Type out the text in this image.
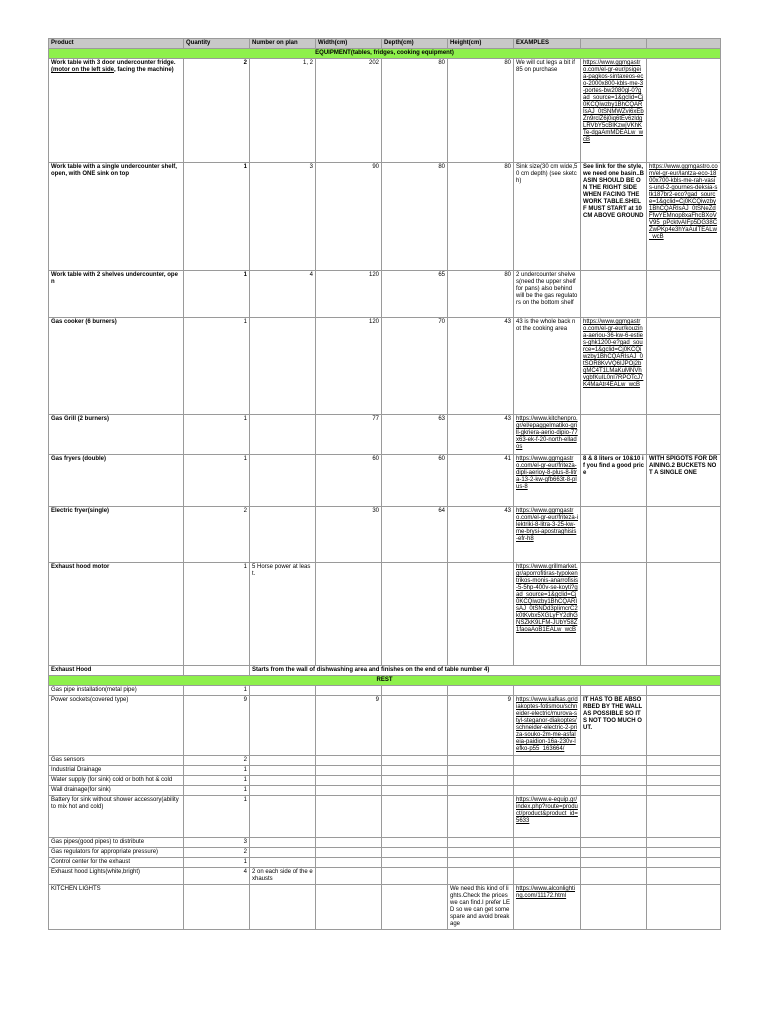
Product	Quantity	Number on plan	Width(cm)	Depth(cm)	Height(cm)	EXAMPLES		
EQUIPMENT(tables, fridges, cooking equipment)								
Work table with 3 door undercounter fridge.(motor on the left side, facing the machine)	2	1, 2	202	80	80	We will cut legs a bit if 85 on purchase	https://www.ggmgastro.com/el-gr-eur/psigeia-pagkos-sintaxeos-eco-2000x800-kbls-me-3-portes-bw2080gl-0?gad_source=1&gclid=Cj0KCQiwzby1BhCQARIsAJ_0tSNMWZvi6xEbZn9rclZ6j0iq6tEv6zldgLRVbY5cBIKzwjVKhKTe-dgaAmMDEALw_wcB	
Work table with a single undercounter shelf, open, with ONE sink on top	1	3	90	80	80	Sink size(30 cm wide,50 cm depth) (see sketch)	See link for the style, we need one basin..BASIN SHOULD BE ON THE RIGHT SIDE WHEN FACING THE WORK TABLE.SHELF MUST START at 10 CM ABOVE GROUND	https://www.ggmgastro.com/el-gr-eur/lantza-eco-1800x700-kbls-me-rah-vasis-und-2-gournes-deksia-stk187br2-eco?gad_source=1&gclid=Cj0KCQiwzby1BhCQARIsAJ_0tSNeZdFfwYEMnop8xaFhcBXoVV95_pPcktvAIFp5DG38CZwPKp4e3hYaAuITEALw_wcB
Work table with 2 shelves undercounter, open	1	4	120	65	80	2 undercounter shelves(need the upper shelf for pans) also behind will be the gas regulators on the bottom shelf		
Gas cooker (6 burners)	1		120	70	43	43 is the whole back not the cooking area	https://www.ggmgastro.com/el-gr-eur/kouzina-aeriou-36-kw-6-esties-ghk1200-e?gad_source=1&gclid=Cj0KCQiwzby1BhCQARIsAJ_0tSOR8KvVQ6IJPOj2bqMC4T1LMaKuMNVhvgbfKuIL0nl7RPOTcJ7K4MaAtr4EALw_wcB	
Gas Grill (2 burners)	1		77	63	43	https://www.kitchenpro.gr/el/epaggelmatiko-grill-gkriera-aerio-dipio-77x63-ek-f-20-north-ellados		
Gas fryers (double)	1		60	60	41	https://www.ggmgastro.com/el-gr-eur/friteza-dipli-aerioy-8-plus-8-litra-13-2-kw-gfb663t-8-plus-8	8 & 8 liters or 10&10 if you find a good price	WITH SPIGOTS FOR DRAINING.2 BUCKETS NOT A SINGLE ONE
Electric fryer(single)	2		30	64	43	https://www.ggmgastro.com/el-gr-eur/friteza-ilektriki-8-litra-3-25-kw-me-brysi-apostraghisis-efr-h8		
Exhaust hood motor	1	5 Horse power at least.				https://www.grillmarket.gr/aporrofitiras-typokentrikos-monis-anarrofisis-5-5hp-400v-se-koyti?gad_source=1&gclid=Cj0KCQiwzby1BhCQARIsAJ_0tSNDd3pIimcrC2k0tKvbx5XGLyFY2dhGNSZkK9LFM-JUbY58Z1faoaAoB1EALw_wcB		
Exhaust Hood		Starts from the wall of dishwashing area and finishes on the end of table number 4)						
REST								
Gas pipe installation(metal pipe)	1							
Power sockets(covered type)	9		9		9	https://www.kafkas.gr/diakoptes-fotismou/schneider-electric/murova-styl-steganor-diakoptes/schneider-electric-2-priza-souko-2m-me-asfaleia-paidion-16a-230v-lefko-p55_163664/	IT HAS TO BE ABSORBED BY THE WALL AS POSSIBLE SO ITS NOT TOO MUCH OUT.	
Gas sensors	2							
Industrial Drainage	1							
Water supply (for sink) cold or both hot & cold	1							
Wall drainage(for sink)	1							
Battery for sink without shower accessory(ability to mix hot and cold)	1					https://www.e-equip.gr/index.php?route=product/product&product_id=5633		
Gas pipes(good pipes) to distribute	3							
Gas regulators for appropriate pressure)	2							
Control center for the exhaust	1							
Exhaust hood Lights(white,bright)	4	2 on each side of the exhausts						
KITCHEN LIGHTS					We need this kind of lights.Check the prices we can find.I prefer LED so we can get some spare and avoid breakage	https://www.alconlighting.com/11172.html		
